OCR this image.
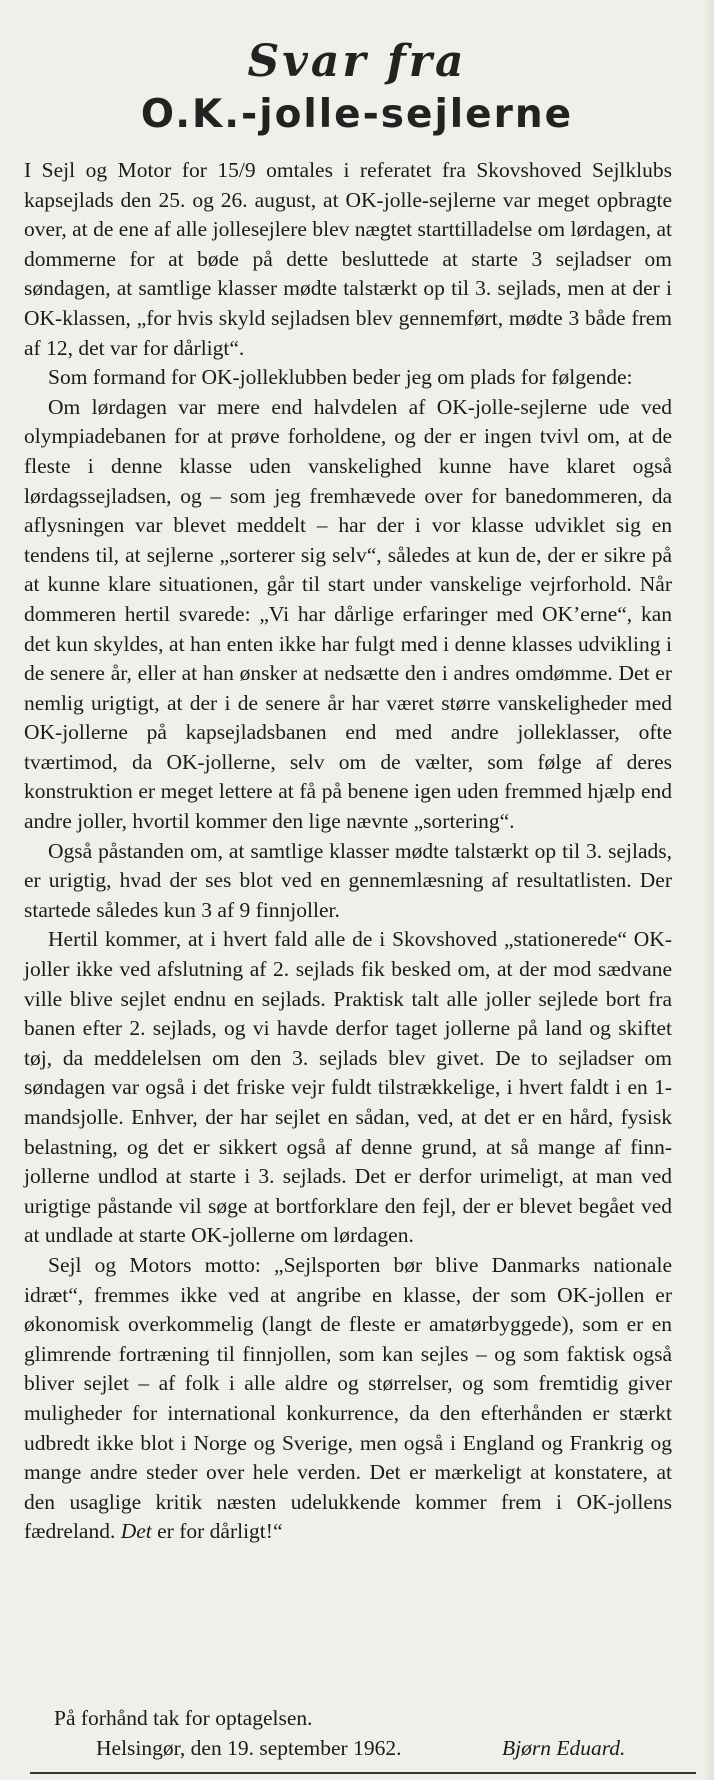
Svar fra
O.K.-jolle-sejlerne

I Sejl og Motor for 15/9 omtales i referatet fra Skovshoved Sejlklubs kapsejlads den 25. og 26. august, at OK-jolle-sejlerne var meget opbragte over, at de ene af alle jollesejlere blev nægtet starttilladelse om lørdagen, at dommerne for at bøde på dette besluttede at starte 3 sejladser om søndagen, at samtlige klasser mødte talstærkt op til 3. sejlads, men at der i OK-klassen, „for hvis skyld sejladsen blev gennemført, mødte 3 både frem af 12, det var for dårligt“.

Som formand for OK-jolleklubben beder jeg om plads for følgende:

Om lørdagen var mere end halvdelen af OK-jolle-sejlerne ude ved olympiadebanen for at prøve forholdene, og der er ingen tvivl om, at de fleste i denne klasse uden vanskelighed kunne have klaret også lørdagssejladsen, og – som jeg fremhævede over for banedommeren, da aflysningen var blevet meddelt – har der i vor klasse udviklet sig en tendens til, at sejlerne „sorterer sig selv“, således at kun de, der er sikre på at kunne klare situationen, går til start under vanskelige vejrforhold. Når dommeren hertil svarede: „Vi har dårlige erfaringer med OK’erne“, kan det kun skyldes, at han enten ikke har fulgt med i denne klasses udvikling i de senere år, eller at han ønsker at nedsætte den i andres omdømme. Det er nemlig urigtigt, at der i de senere år har været større vanskeligheder med OK-jollerne på kapsejladsbanen end med andre jolleklasser, ofte tværtimod, da OK-jollerne, selv om de vælter, som følge af deres konstruktion er meget lettere at få på benene igen uden fremmed hjælp end andre joller, hvortil kommer den lige nævnte „sortering“.

Også påstanden om, at samtlige klasser mødte talstærkt op til 3. sejlads, er urigtig, hvad der ses blot ved en gennemlæsning af resultatlisten. Der startede således kun 3 af 9 finnjoller.

Hertil kommer, at i hvert fald alle de i Skovshoved „stationerede“ OK-joller ikke ved afslutning af 2. sejlads fik besked om, at der mod sædvane ville blive sejlet endnu en sejlads. Praktisk talt alle joller sejlede bort fra banen efter 2. sejlads, og vi havde derfor taget jollerne på land og skiftet tøj, da meddelelsen om den 3. sejlads blev givet. De to sejladser om søndagen var også i det friske vejr fuldt tilstrækkelige, i hvert faldt i en 1-mandsjolle. Enhver, der har sejlet en sådan, ved, at det er en hård, fysisk belastning, og det er sikkert også af denne grund, at så mange af finn-jollerne undlod at starte i 3. sejlads. Det er derfor urimeligt, at man ved urigtige påstande vil søge at bortforklare den fejl, der er blevet begået ved at undlade at starte OK-jollerne om lørdagen.

Sejl og Motors motto: „Sejlsporten bør blive Danmarks nationale idræt“, fremmes ikke ved at angribe en klasse, der som OK-jollen er økonomisk overkommelig (langt de fleste er amatørbyggede), som er en glimrende fortræning til finnjollen, som kan sejles – og som faktisk også bliver sejlet – af folk i alle aldre og størrelser, og som fremtidig giver muligheder for international konkurrence, da den efterhånden er stærkt udbredt ikke blot i Norge og Sverige, men også i England og Frankrig og mange andre steder over hele verden. Det er mærkeligt at konstatere, at den usaglige kritik næsten udelukkende kommer frem i OK-jollens fædreland. Det er for dårligt!“

På forhånd tak for optagelsen.
Helsingør, den 19. september 1962.	Bjørn Eduard.
